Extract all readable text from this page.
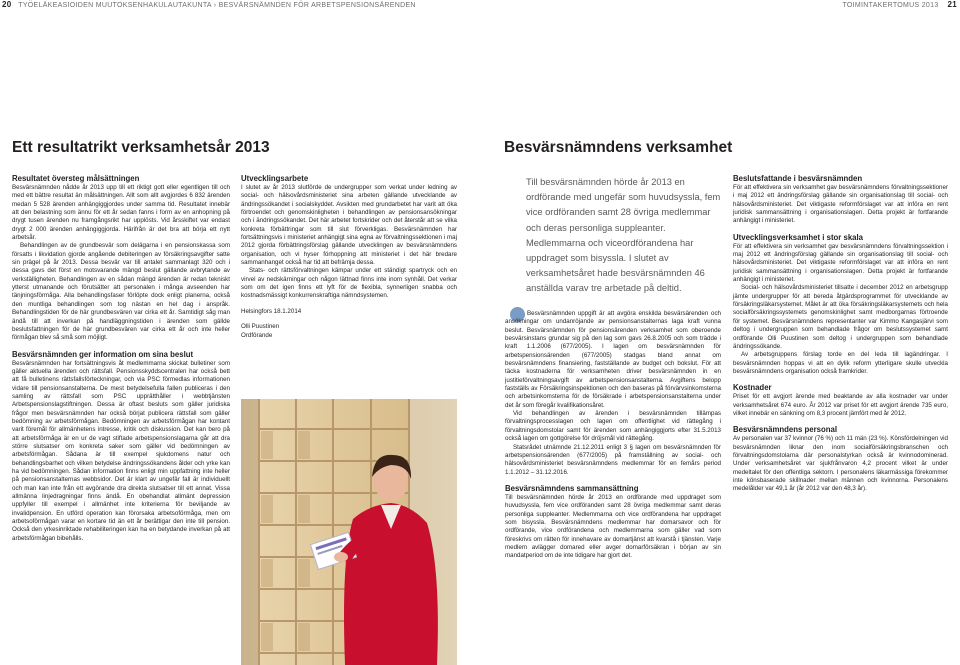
20 TYÖELÄKEASIOIDEN MUUTOKSENHAKULAUTAKUNTA › BESVÄRSNÄMNDEN FÖR ARBETSPENSIONSÄRENDEN	TOIMINTAKERTOMUS 2013 21
Ett resultatrikt verksamhetsår 2013	Besvärsnämndens verksamhet
Resultatet översteg målsättningen

Besvärsnämnden nådde år 2013 upp till ett riktigt gott eller egentligen till och med ett bättre resultat än målsättningen. Allt som allt avgjordes 6 832 ärenden medan 5 528 ärenden anhängiggjordes under samma tid. Resultatet innebär att den belastning som ännu för ett år sedan fanns i form av en anhopning på drygt tusen ärenden nu framgångsrikt har upplösts. Vid årsskiftet var endast drygt 2 000 ärenden anhängiggjorda. Härifrån är det bra att börja ett nytt arbetsår.

Behandlingen av de grundbesvär som delägarna i en pensionskassa som försatts i likvidation gjorde angående debiteringen av försäkringsavgifter satte sin prägel på år 2013. Dessa besvär var till antalet sammanlagt 320 och i dessa gavs det först en motsvarande mängd beslut gällande avbrytande av verkställigheten. Behandlingen av en sådan mängd ärenden är redan tekniskt ytterst utmanande och förutsätter att personalen i många avseenden har tänjningsförmåga. Alla behandlingsfaser förlöpte dock enligt planerna, också den muntliga behandlingen som tog nästan en hel dag i anspråk. Behandlingstiden för de här grundbesvären var cirka ett år. Samtidigt såg man ändå till att inverkan på handläggningstiden i ärenden som gällde beslutsfattningen för de här grundbesvären var cirka ett år och inte heller förmågan blev så små som möjligt.

Besvärsnämnden ger information om sina beslut

Besvärsnämnden har fortsättningsvis åt medlemmarna skickat bulletiner som gäller aktuella ärenden och rättsfall. Pensionsskyddscentralen har också bett att få bulletinens rättsfallsförteckningar, och via PSC förmedlas informationen vidare till pensionsanstalterna. De mest betydelsefulla fallen publiceras i den samling av rättsfall som PSC upprätthåller i webbtjänsten Arbetspensionslagstiftningen. Dessa är oftast besluts som gäller juridiska frågor men besvärsnämnden har också börjat publicera rättsfall som gäller bedömning av arbetsförmågan. Bedömningen av arbetsförmågan har kontant varit föremål för allmänhetens intresse, kritik och diskussion. Det kan bero på att arbetsförmåga är en ur de vagt stiftade arbetspensionslagarna går att dra större slutsatser om konkreta saker som gäller vid bedömningen av arbetsförmågan. Sådana är till exempel sjukdomens natur och behandlingsbarhet och vilken betydelse ändringssökandens ålder och yrke kan ha vid bedömningen. Sådan information finns enligt min uppfattning inte heller på pensionsanstalternas webbsidor. Det är klart av ungefär fall är individuellt och man kan inte från ett avgörande dra direkta slutsatser till ett annat. Vissa allmänna linjedragningar finns ändå. En obehandlat allmänt depression uppfyller till exempel i allmänhet inte kriterierna för beviljande av invalidpension. En utförd operation kan förorsaka arbetsoförmåga, men om arbetsoförmågan varar en kortare tid än ett år berättigar den inte till pension. Också den yrkesinriktade rehabiliteringen kan ha en betydande inverkan på att arbetsförmågan bibehålls.

Utvecklingsarbete

I slutet av år 2013 slutförde de undergrupper som verkat under ledning av social- och hälsovårdsministeriet sina arbeten gällande utvecklande av ändringssökandet i socialskyddet. Avsikten med grundarbetet har varit att öka förtroendet och genomskinligheten i behandlingen av pensionsansökningar och i ändringssökandet. Det här arbetet fortskrider och det återstår att se vilka konkreta förbättringar som till slut förverkligas. Besvärsnämnden har fortsättningsvis i ministeriet anhängigt sina egna av förvaltningssektionen i maj 2012 gjorda förbättringsförslag gällande utvecklingen av besvärsnämndens organisation, och vi hyser förhoppning att ministeriet i det här bredare sammanhanget också har tid att befrämja dessa.

Stats- och rättsförvaltningen kämpar under ett ständigt spartryck och en virvel av nedskärningar och någon lättnad finns inte inom synhåll. Det verkar som om det igen finns ett lyft för de flexibla, synnerligen snabba och kostnadsmässigt konkurrenskraftiga nämndsystemen.

Helsingfors 18.1.2014

Olli Puustinen

Ordförande

Till besvärsnämnden hörde år 2013 en ordförande med ungefär som huvudsyssla, fem vice ordföranden samt 28 övriga medlemmar och deras personliga suppleanter. Medlemmarna och viceordförandena har uppdraget som bisyssla. I slutet av verksamhetsåret hade besvärsnämnden 46 anställda varav tre arbetade på deltid.

Besvärsnämnden uppgift är att avgöra enskilda besvärsärenden och ansökningar om undanröjande av pensionsanstalternas laga kraft vunna beslut. Besvärsnämnden för pensionsärenden verksamhet som oberoende besvärsinstans grundar sig på den lag som gavs 26.8.2005 och som trädde i kraft 1.1.2006 (677/2005). I lagen om besvärsnämnden för arbetspensionsärenden (677/2005) stadgas bland annat om besvärsnämndens finansiering, fastställande av budget och bokslut. För att täcka kostnaderna för verksamheten driver besvärsnämnden in en justitieförvaltningsavgift av arbetspensionsanstalterna. Avgiftens belopp fastställs av Försäkringsinspektionen och den baseras på förvärvsinkomsterna och arbetsinkomsterna för de försäkrade i arbetspensionsanstalterna under det år som föregår kvalifikationsåret.

Vid behandlingen av ärenden i besvärsnämnden tillämpas förvaltningsprocesslagen och lagen om offentlighet vid rättegång i förvaltningsdomstolar samt för ärenden som anhängiggjorts efter 31.5.2013 också lagen om gottgörelse för dröjsmål vid rättegång.

Statsrådet utnämnde 21.12.2011 enligt 3 § lagen om besvärsnämnden för arbetspensionsärenden (677/2005) på framställning av social- och hälsovårdsministeriet besvärsnämndens medlemmar för en femårs period 1.1.2012 – 31.12.2016.

Besvärsnämndens sammansättning

Till besvärsnämnden hörde år 2013 en ordförande med uppdraget som huvudsyssla, fem vice ordföranden samt 28 övriga medlemmar samt deras personliga suppleanter. Medlemmarna och vice ordförandena har uppdraget som bisyssla. Besvärsnämndens medlemmar har domarsavor och för ordförande, vice ordförandena och medlemmarna som gäller vad som föreskrivs om rätten för innehavare av domartjänst att kvarstå i tjänsten. Varje medlem avlägger domared eller avger domarförsäkran i början av sin mandatperiod om de inte tidigare har gjort det.

Beslutsfattande i besvärsnämnden

För att effektivera sin verksamhet gav besvärsnämndens förvaltningssektioner i maj 2012 ett ändringsförslag gällande sin organisationslag till social- och hälsovårdsministeriet. Det viktigaste reformförslaget var att införa en rent juridisk sammansättning i organisationslagen. Detta projekt är fortfarande anhängigt i ministeriet.

Utvecklingsverksamhet i stor skala

För att effektivera sin verksamhet gav besvärsnämndens förvaltningssektion i maj 2012 ett ändringsförslag gällande sin organisationslag till social- och hälsovårdsministeriet. Det viktigaste reformförslaget var att införa en rent juridisk sammansättning i organisationslagen. Detta projekt är fortfarande anhängigt i ministeriet.

Social- och hälsovårdsministeriet tillsatte i december 2012 en arbetsgrupp jämte undergrupper för att bereda åtgärdsprogrammet för utvecklande av försäkringsläkarsystemet. Målet är att öka försäkringsläkarsystemets och hela socialförsäkringssystemets genomskinlighet samt medborgarnas förtroende för systemet. Besvärsnämndens representanter var Kimmo Kangasjärvi som deltog i undergruppen som behandlade frågor om beslutssystemet samt ordförande Olli Puustinen som deltog i undergruppen som behandlade ändringssökande.

Av arbetsgruppens förslag torde en del leda till lagändringar. I besvärsnämnden hoppas vi att en dylik reform ytterligare skulle utveckla besvärsnämndens organisation också framkrider.

Kostnader

Priset för ett avgjort ärende med beaktande av alla kostnader var under verksamhetsåret 674 euro. År 2012 var priset för ett avgjort ärende 735 euro, vilket innebär en sänkning om 8,3 procent jämfört med år 2012.

Besvärsnämndens personal

Av personalen var 37 kvinnor (76 %) och 11 män (23 %). Könsfördelningen vid besvärsnämnden liknar den inom socialförsäkringsbranschen och förvaltningsdomstolarna där personalstyrkan också är kvinnodominerad. Under verksamhetsåret var sjukfrånvaron 4,2 procent vilket är under medeltalet för den offentliga sektorn. I personalens läkarmässiga förekommer inte könsbaserade skillnader mellan männen och kvinnorna. Personalens medelålder var 49,1 år (år 2012 var den 48,3 år).
